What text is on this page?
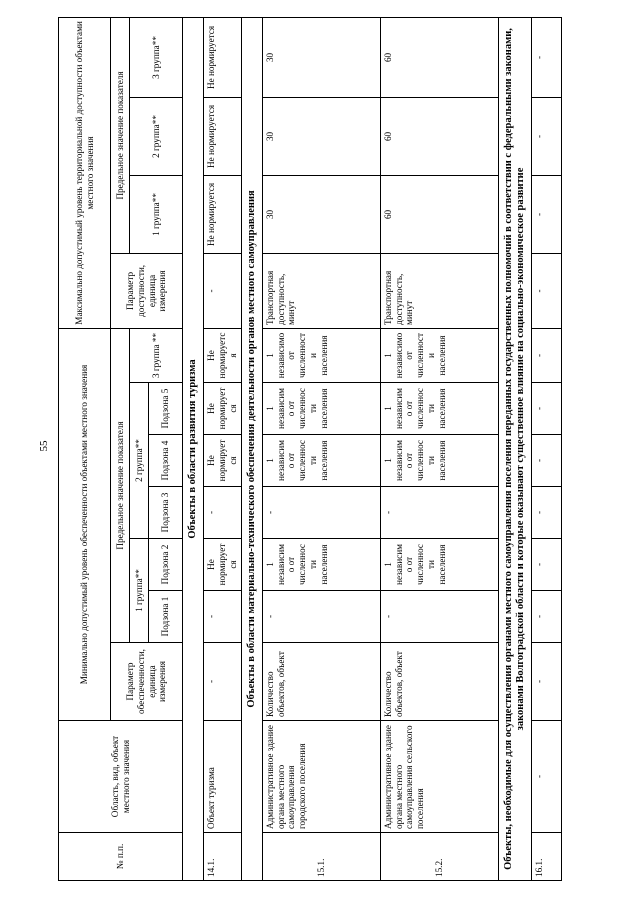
55
№ п.п.	Область, вид, объект местного значения	Минимально допустимый уровень обеспеченности объектами местного значения							Максимально допустимый уровень территориальной доступности объектами местного значения			
		Параметр обеспеченности, единица измерения	Предельное значение показателя						Параметр доступности, единица измерения	Предельное значение показателя		
			1 группа**		2 группа**			3 группа **		1 группа**	2 группа**	3 группа**
			Подзона 1	Подзона 2	Подзона 3	Подзона 4	Подзона 5					
Объекты в области развития туризма												
14.1.	Объект туризма	-	-	Не нормируется	-	Не нормируется	Не нормируется	Не нормируется	-	Не нормируется	Не нормируется	Не нормируется
Объекты в области материально-технического обеспечения деятельности органов местного самоуправления												
15.1.	Административное здание органа местного самоуправления городского поселения	Количество объектов, объект	-	1 независимо от численности населения	-	1 независимо от численности населения	1 независимо от численности населения	1 независимо от численности населения	Транспортная доступность, минут	30	30	30
15.2.	Административное здание органа местного самоуправления сельского поселения	Количество объектов, объект	-	1 независимо от численности населения	-	1 независимо от численности населения	1 независимо от численности населения	1 независимо от численности населения	Транспортная доступность, минут	60	60	60
Объекты, необходимые для осуществления органами местного самоуправления поселения переданных государственных полномочий в соответствии с федеральными законами, законами Волгоградской области и которые оказывают существенное влияние на социально-экономическое развитие												
16.1.	-	-	-	-	-	-	-	-	-	-	-	-
